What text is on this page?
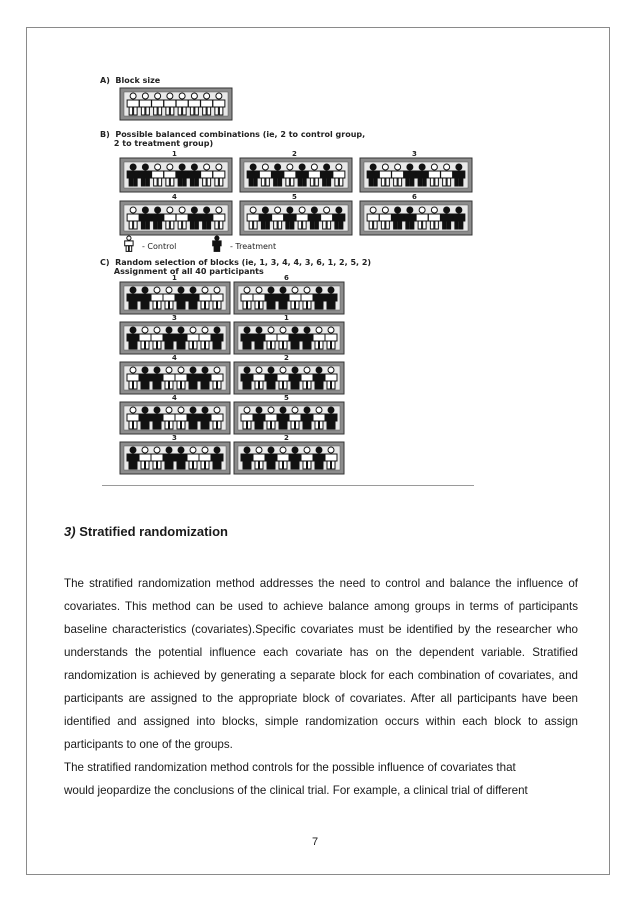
A)  Block size
B)  Possible balanced combinations (ie, 2 to control group,
2 to treatment group)
1	2	3
4	5	6
- Control	- Treatment
C)  Random selection of blocks (ie, 1, 3, 4, 4, 3, 6, 1, 2, 5, 2)
Assignment of all 40 participants
1
3
4
4
3
6
1
2
5
2
3) Stratified randomization
The stratified randomization method addresses the need to control and balance the influence of
covariates. This method can be used to achieve balance among groups in terms of participants
baseline characteristics (covariates).Specific covariates must be identified by the researcher who
understands the potential influence each covariate has on the dependent variable. Stratified
randomization is achieved by generating a separate block for each combination of covariates, and
participants are assigned to the appropriate block of covariates. After all participants have been
identified and assigned into blocks, simple randomization occurs within each block to assign
participants to one of the groups.
The stratified randomization method controls for the possible influence of covariates that
would jeopardize the conclusions of the clinical trial. For example, a clinical trial of different
7
